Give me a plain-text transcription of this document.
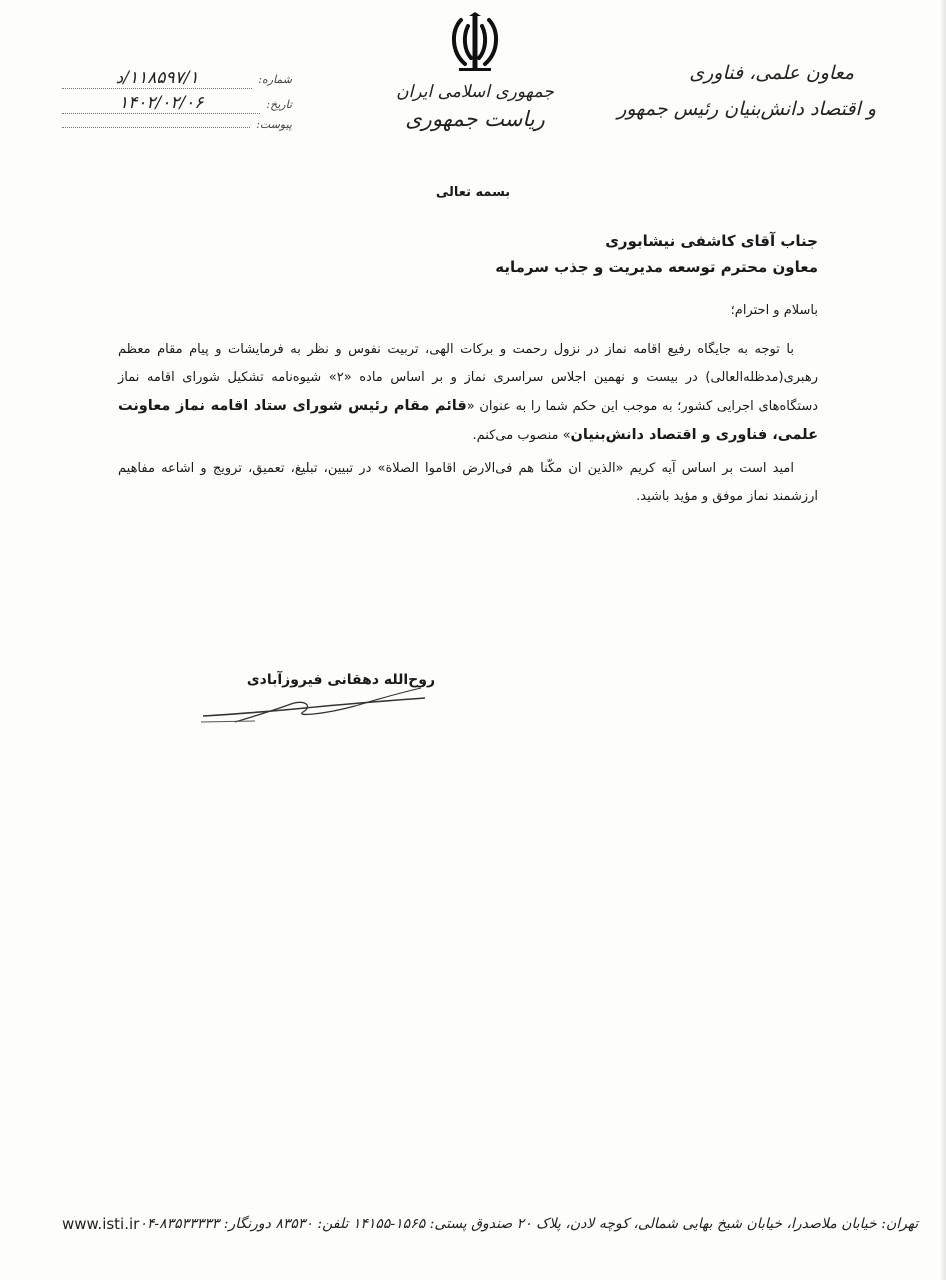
معاون علمی، فناوری
و اقتصاد دانش‌بنیان رئیس جمهور
جمهوری اسلامی ایران
ریاست جمهوری
شماره:
۱۱۸۵۹۷/۱/د
تاریخ:
۱۴۰۲/۰۲/۰۶
پیوست:
بسمه تعالی
جناب آقای کاشفی نیشابوری
معاون محترم توسعه مدیریت و جذب سرمایه
باسلام و احترام؛

با توجه به جایگاه رفیع اقامه نماز در نزول رحمت و برکات الهی، تربیت نفوس و نظر به فرمایشات و پیام مقام معظم رهبری(مدظله‌العالی) در بیست و نهمین اجلاس سراسری نماز و بر اساس ماده «۲» شیوه‌نامه تشکیل شورای اقامه نماز دستگاه‌های اجرایی کشور؛ به موجب این حکم شما را به عنوان «قائم مقام رئیس شورای ستاد اقامه نماز معاونت علمی، فناوری و اقتصاد دانش‌بنیان» منصوب می‌کنم.

امید است بر اساس آیه کریم «الذین ان مکّنا هم فی‌الارض اقاموا الصلاة» در تبیین، تبلیغ، تعمیق، ترویج و اشاعه مفاهیم ارزشمند نماز موفق و مؤید باشید.

روح‌الله دهقانی فیروزآبادی
www.isti.ir تهران: خیابان ملاصدرا، خیابان شیخ بهایی شمالی، کوچه لادن، پلاک ۲۰ صندوق پستی: ۱۵۶۵-۱۴۱۵۵ تلفن: ۸۳۵۳۰ دورنگار: ۸۳۵۳۳۳۳۳-۰۴
